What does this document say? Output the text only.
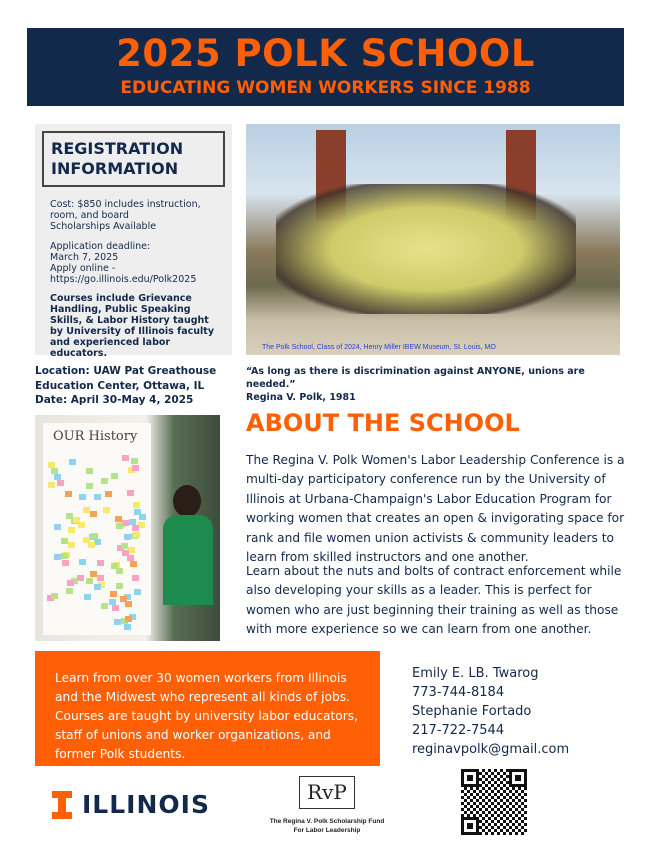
2025 POLK SCHOOL
EDUCATING WOMEN WORKERS SINCE 1988
REGISTRATION
INFORMATION
Cost: $850 includes instruction,
room, and board
Scholarships Available
Application deadline:
March 7, 2025
Apply online -
https://go.illinois.edu/Polk2025
Courses include Grievance Handling, Public Speaking Skills, & Labor History taught by University of Illinois faculty and experienced labor educators.
The Polk School, Class of 2024, Henry Miller IBEW Museum, St. Louis, MO
Location: UAW Pat Greathouse
Education Center, Ottawa, IL
Date: April 30-May 4, 2025
“As long as there is discrimination against ANYONE, unions are needed.”
Regina V. Polk, 1981
OUR History	ABOUT THE SCHOOL
The Regina V. Polk Women's Labor Leadership Conference is a multi-day participatory conference run by the University of Illinois at Urbana-Champaign's Labor Education Program for working women that creates an open & invigorating space for rank and file women union activists & community leaders to learn from skilled instructors and one another.
Learn about the nuts and bolts of contract enforcement while also developing your skills as a leader. This is perfect for women who are just beginning their training as well as those with more experience so we can learn from one another.
Learn from over 30 women workers from Illinois and the Midwest who represent all kinds of jobs. Courses are taught by university labor educators, staff of unions and worker organizations, and former Polk students.
Emily E. LB. Twarog
773-744-8184
Stephanie Fortado
217-722-7544
reginavpolk@gmail.com
ILLINOIS	RvP
The Regina V. Polk Scholarship Fund
For Labor Leadership
